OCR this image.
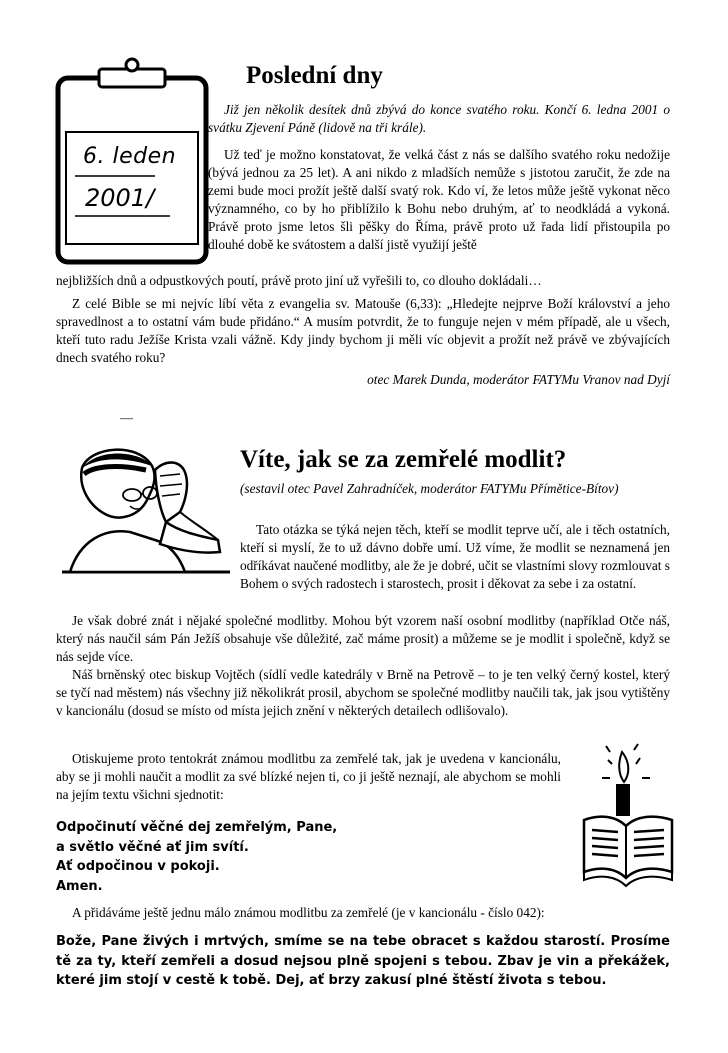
6. leden
2001/
Poslední dny

Již jen několik desítek dnů zbývá do konce svatého roku. Končí 6. ledna 2001 o svátku Zjevení Páně (lidově na tři krále).

Už teď je možno konstatovat, že velká část z nás se dalšího svatého roku nedožije (bývá jednou za 25 let). A ani nikdo z mladších nemůže s jistotou zaručit, že zde na zemi bude moci prožít ještě další svatý rok. Kdo ví, že letos může ještě vykonat něco významného, co by ho přiblížilo k Bohu nebo druhým, ať to neodkládá a vykoná. Právě proto jsme letos šli pěšky do Říma, právě proto už řada lidí přistoupila po dlouhé době ke svátostem a další jistě využijí ještě

nejbližších dnů a odpustkových poutí, právě proto jiní už vyřešili to, co dlouho dokládali…

Z celé Bible se mi nejvíc líbí věta z evangelia sv. Matouše (6,33): „Hledejte nejprve Boží království a jeho spravedlnost a to ostatní vám bude přidáno.“ A musím potvrdit, že to funguje nejen v mém případě, ale u všech, kteří tuto radu Ježíše Krista vzali vážně. Kdy jindy bychom ji měli víc objevit a prožít než právě ve zbývajících dnech svatého roku?

otec Marek Dunda, moderátor FATYMu Vranov nad Dyjí

—
Víte, jak se za zemřelé modlit?

(sestavil otec Pavel Zahradníček, moderátor FATYMu Přímětice-Bítov)

Tato otázka se týká nejen těch, kteří se modlit teprve učí, ale i těch ostatních, kteří si myslí, že to už dávno dobře umí. Už víme, že modlit se neznamená jen odříkávat naučené modlitby, ale že je dobré, učit se vlastními slovy rozmlouvat s Bohem o svých radostech i starostech, prosit i děkovat za sebe i za ostatní.

Je však dobré znát i nějaké společné modlitby. Mohou být vzorem naší osobní modlitby (například Otče náš, který nás naučil sám Pán Ježíš obsahuje vše důležité, zač máme prosit) a můžeme se je modlit i společně, když se nás sejde více.

Náš brněnský otec biskup Vojtěch (sídlí vedle katedrály v Brně na Petrově – to je ten velký černý kostel, který se tyčí nad městem) nás všechny již několikrát prosil, abychom se společné modlitby naučili tak, jak jsou vytištěny v kancionálu (dosud se místo od místa jejich znění v některých detailech odlišovalo).

Otiskujeme proto tentokrát známou modlitbu za zemřelé tak, jak je uvedena v kancionálu, aby se ji mohli naučit a modlit za své blízké nejen ti, co ji ještě neznají, ale abychom se mohli na jejím textu všichni sjednotit:

Odpočinutí věčné dej zemřelým, Pane,
a světlo věčné ať jim svítí.
Ať odpočinou v pokoji.
Amen.

A přidáváme ještě jednu málo známou modlitbu za zemřelé (je v kancionálu - číslo 042):

Bože, Pane živých i mrtvých, smíme se na tebe obracet s každou starostí. Prosíme tě za ty, kteří zemřeli a dosud nejsou plně spojeni s tebou. Zbav je vin a překážek, které jim stojí v cestě k tobě. Dej, ať brzy zakusí plné štěstí života s tebou.
